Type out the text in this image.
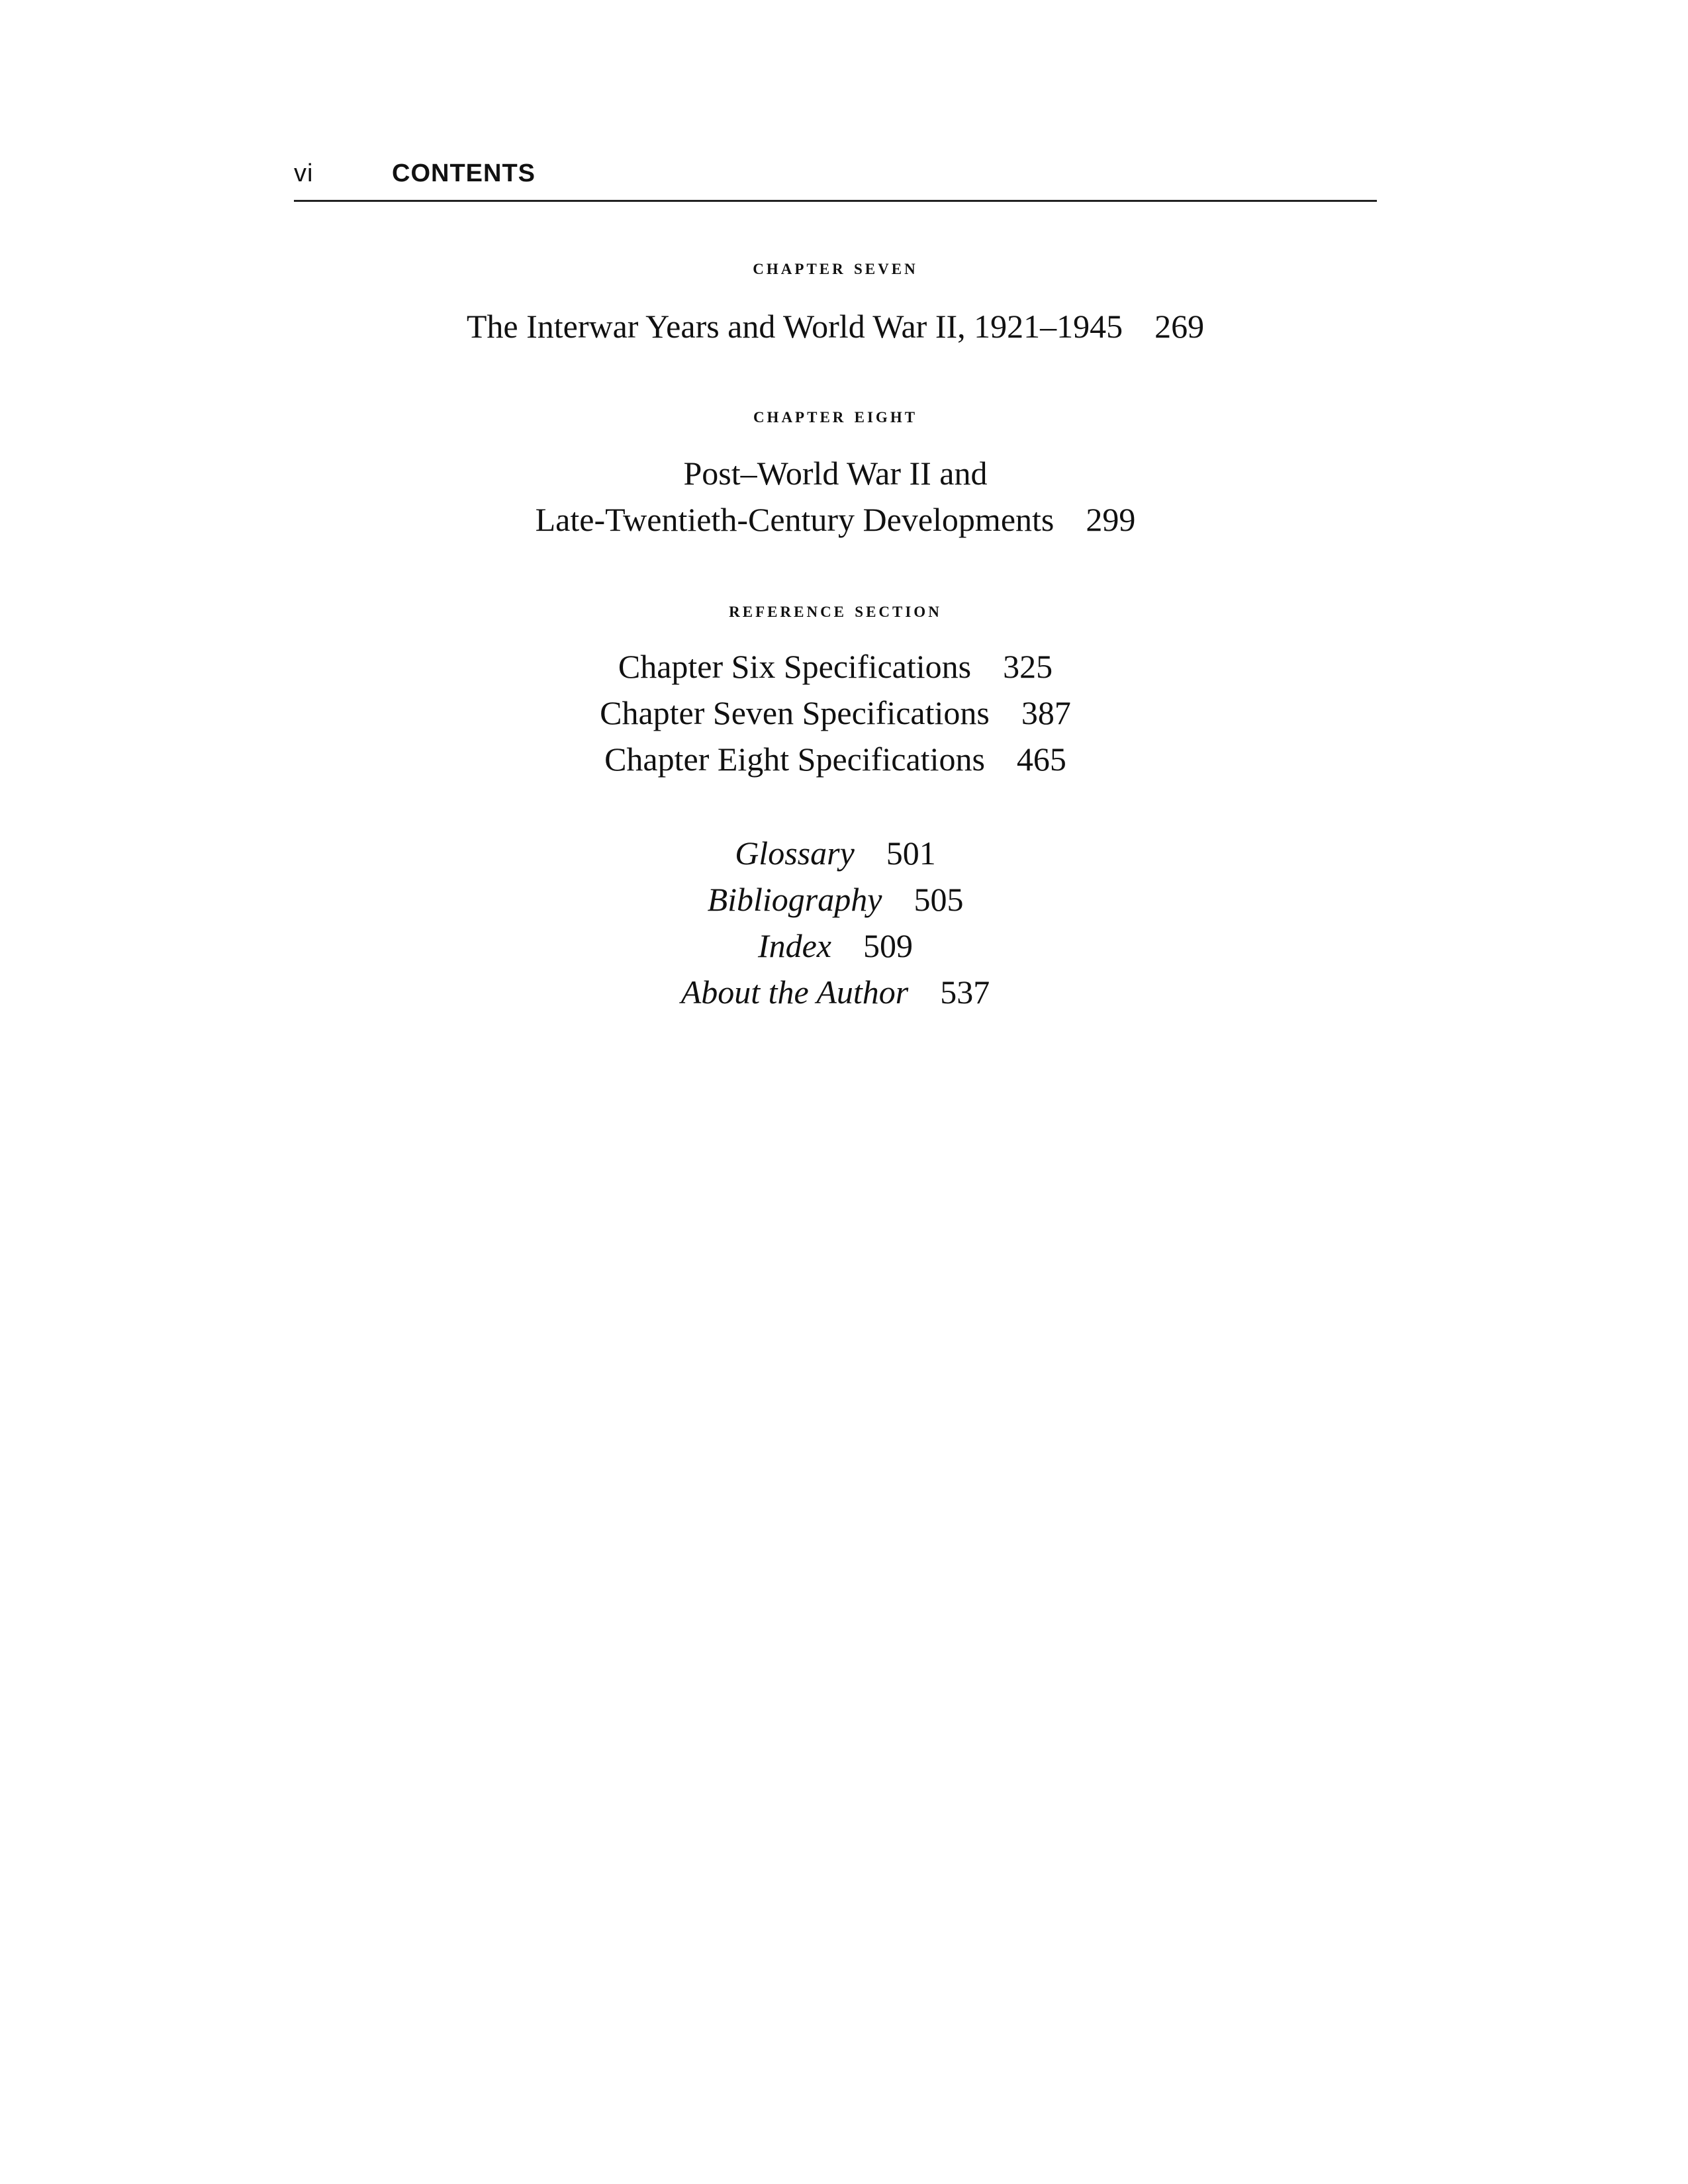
vi	CONTENTS
chapter seven
The Interwar Years and World War II, 1921–1945 269
chapter eight
Post–World War II and
Late-Twentieth-Century Developments 299
reference section
Chapter Six Specifications 325
Chapter Seven Specifications 387
Chapter Eight Specifications 465
Glossary 501
Bibliography 505
Index 509
About the Author 537
